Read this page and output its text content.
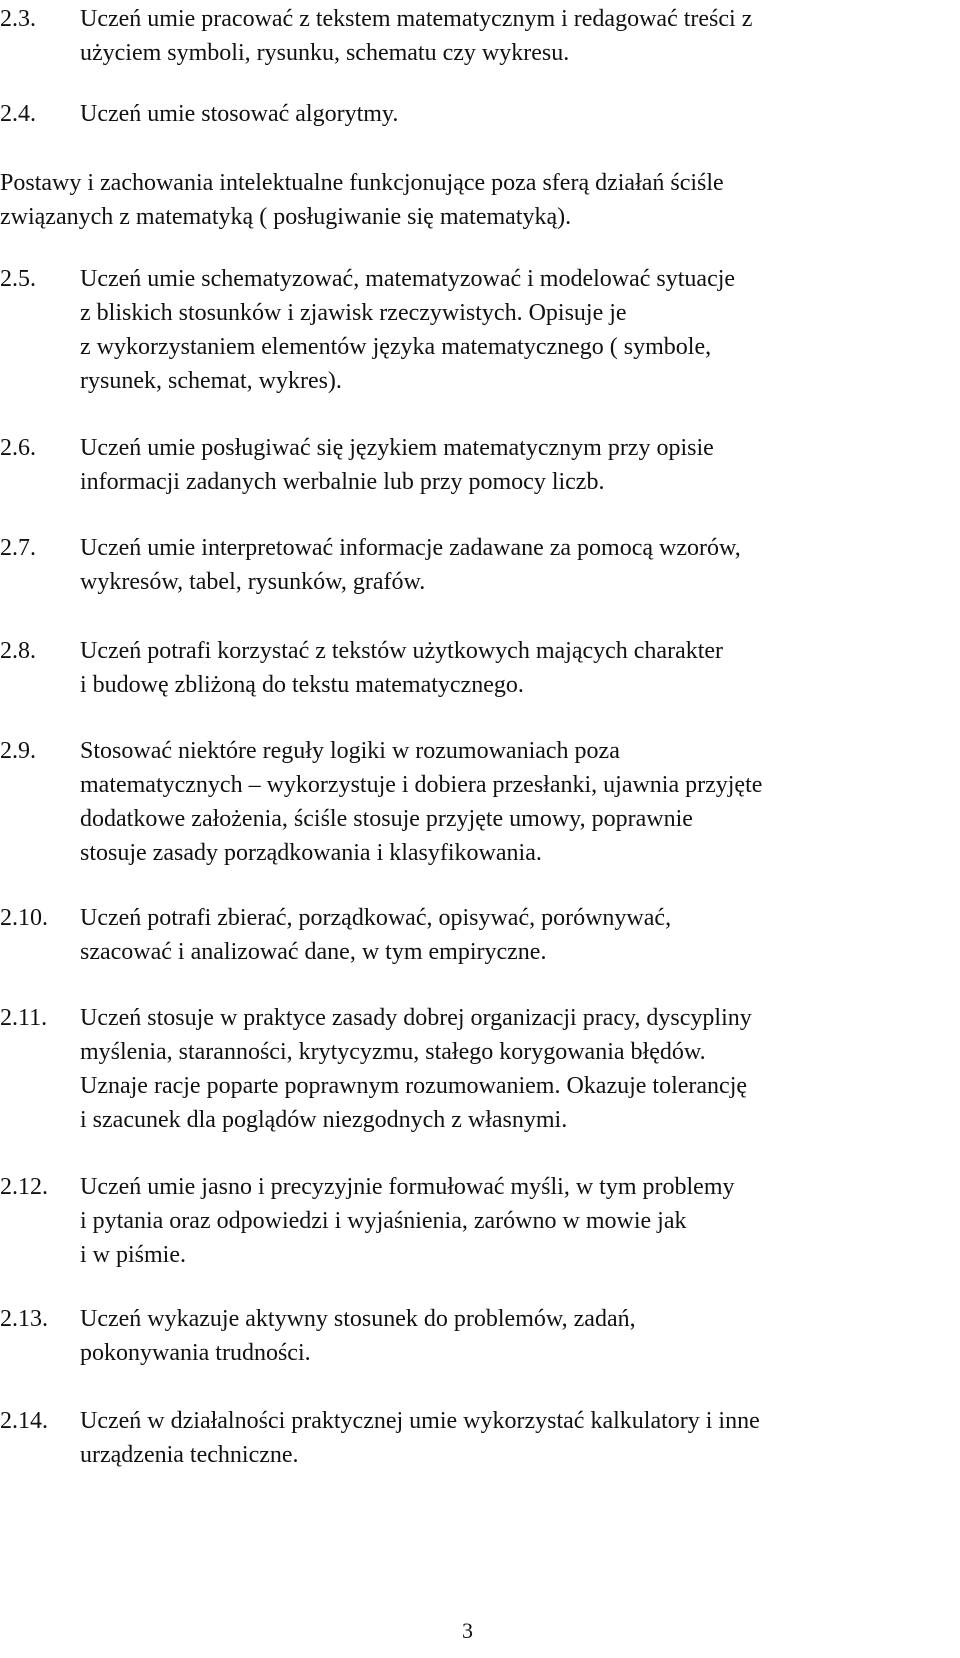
2.3.	Uczeń umie pracować z tekstem matematycznym i redagować treści z
użyciem symboli, rysunku, schematu czy wykresu.
2.4.	Uczeń umie stosować algorytmy.
Postawy i zachowania intelektualne funkcjonujące poza sferą działań ściśle
związanych z matematyką ( posługiwanie się matematyką).
2.5.	Uczeń umie schematyzować, matematyzować i modelować sytuacje
z bliskich stosunków i zjawisk rzeczywistych. Opisuje je
z wykorzystaniem elementów języka matematycznego ( symbole,
rysunek, schemat, wykres).
2.6.	Uczeń umie posługiwać się językiem matematycznym przy opisie
informacji zadanych werbalnie lub przy pomocy liczb.
2.7.	Uczeń umie interpretować informacje zadawane za pomocą wzorów,
wykresów, tabel, rysunków, grafów.
2.8.	Uczeń potrafi korzystać z tekstów użytkowych mających charakter
i budowę zbliżoną do tekstu matematycznego.
2.9.	Stosować niektóre reguły logiki w rozumowaniach poza
matematycznych – wykorzystuje i dobiera przesłanki, ujawnia przyjęte
dodatkowe założenia, ściśle stosuje przyjęte umowy, poprawnie
stosuje zasady porządkowania i klasyfikowania.
2.10.	Uczeń potrafi zbierać, porządkować, opisywać, porównywać,
szacować i analizować dane, w tym empiryczne.
2.11.	Uczeń stosuje w praktyce zasady dobrej organizacji pracy, dyscypliny
myślenia, staranności, krytycyzmu, stałego korygowania błędów.
Uznaje racje poparte poprawnym rozumowaniem. Okazuje tolerancję
i szacunek dla poglądów niezgodnych z własnymi.
2.12.	Uczeń umie jasno i precyzyjnie formułować myśli, w tym problemy
i pytania oraz odpowiedzi i wyjaśnienia, zarówno w mowie jak
i w piśmie.
2.13.	Uczeń wykazuje aktywny stosunek do problemów, zadań,
pokonywania trudności.
2.14.	Uczeń w działalności praktycznej umie wykorzystać kalkulatory i inne
urządzenia techniczne.
3
